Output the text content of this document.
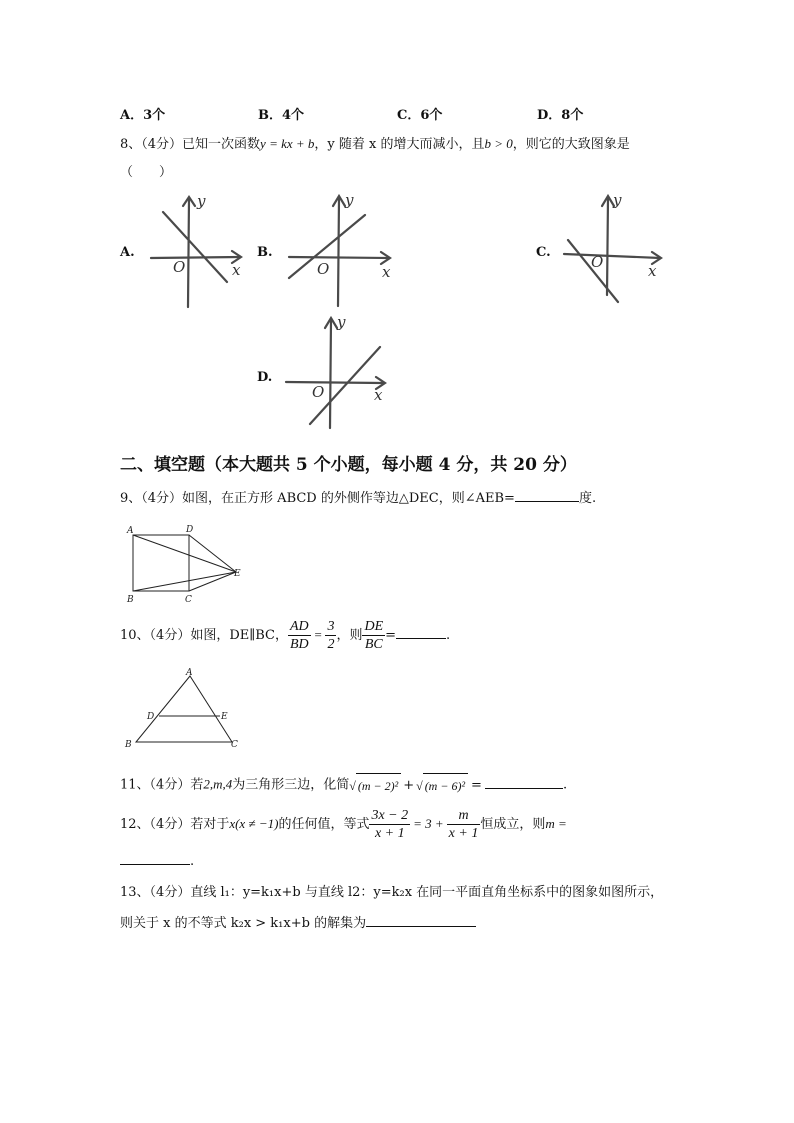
A．3个	B．4个	C．6个	D．8个
8、（4分）已知一次函数y = kx + b，y 随着 x 的增大而减小，且b > 0，则它的大致图象是
（　　）
A.	B.	C.
D.
y
x
O
y
x
O
y
x
O
y
x
O
二、填空题（本大题共 5 个小题，每小题 4 分，共 20 分）
9、（4分）如图，在正方形 ABCD 的外侧作等边△DEC，则∠AEB=	度.
A	D
B	C
E
10、（4分）如图，DE∥BC， $\frac{AD}{BD} = \frac{3}{2}$ ，则 $\frac{DE}{BC}$ =	.
A
D	E
B	C
11、（4分）若2,m,4为三角形三边，化简√ (m − 2)² + √ (m − 6)² =	.
12、（4分）若对于x(x ≠ −1)的任何值，等式 $\frac{3x - 2}{x + 1} = 3 + \frac{m}{x + 1}$ 恒成立，则m =
.
13、（4分）直线 l₁：y=k₁x+b 与直线 l2：y=k₂x 在同一平面直角坐标系中的图象如图所示，
则关于 x 的不等式 k₂x > k₁x+b 的解集为
